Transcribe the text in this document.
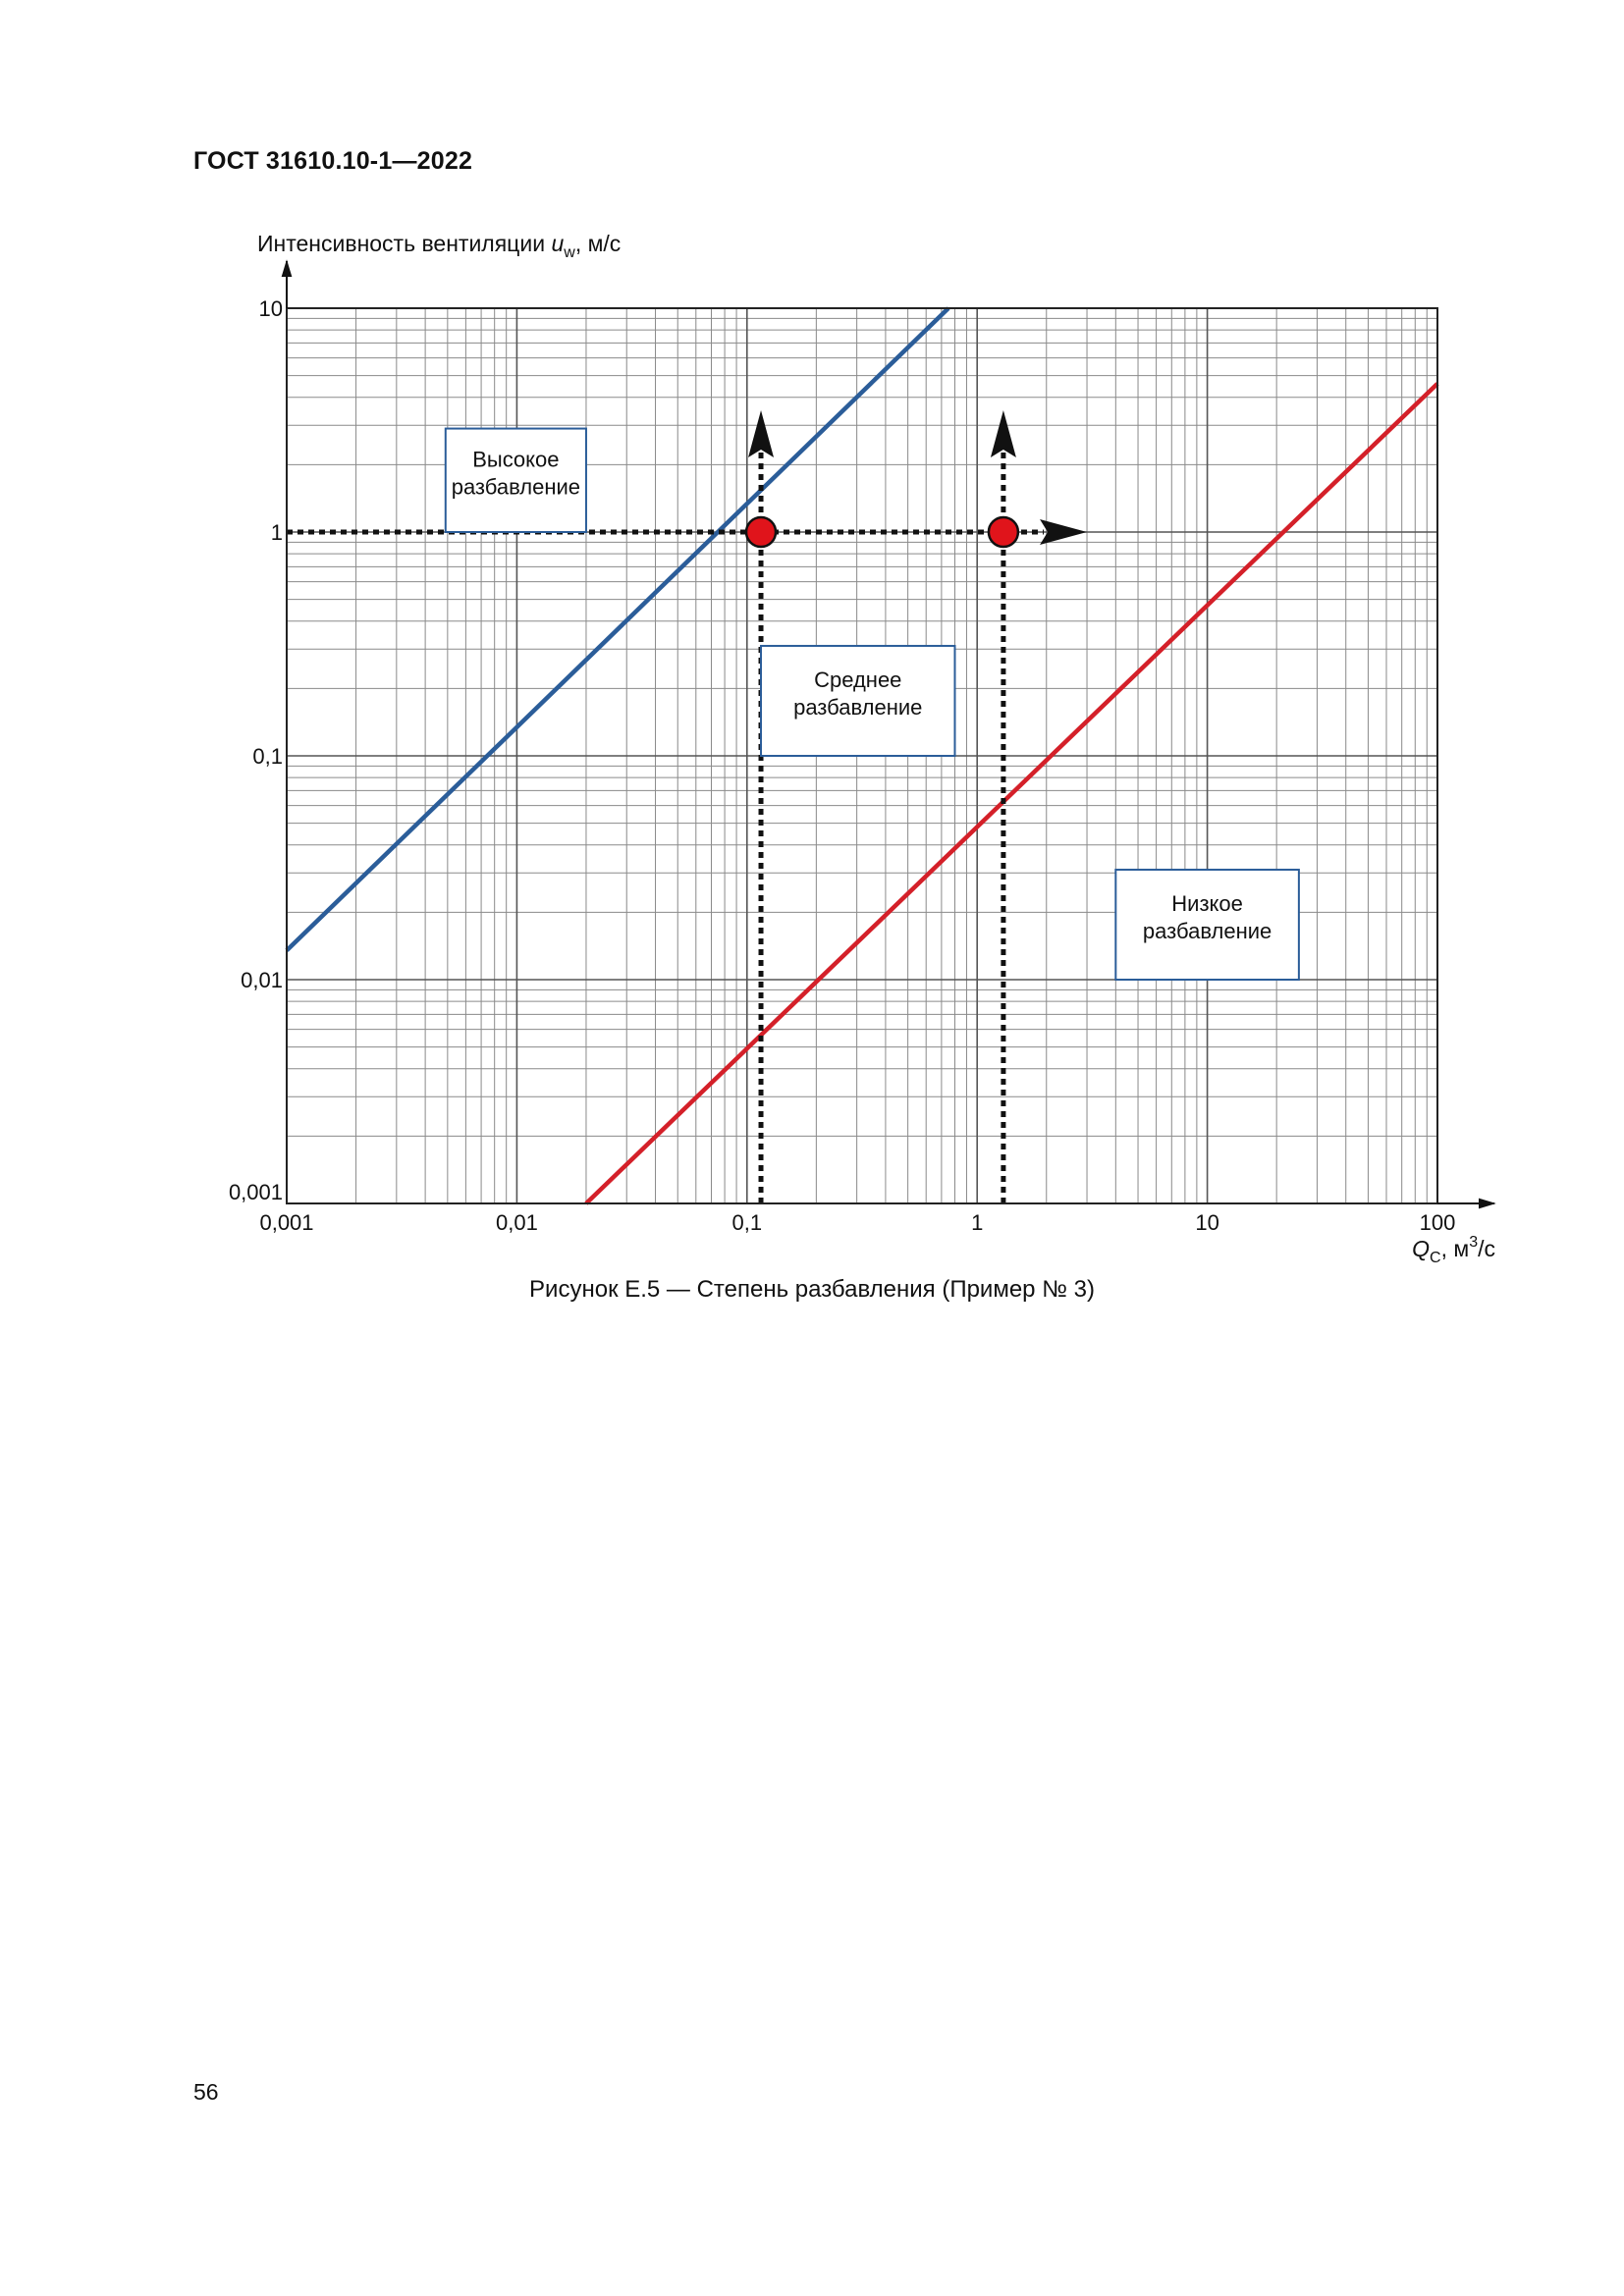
ГОСТ 31610.10-1—2022
Высокое
разбавление
Среднее
разбавление
Низкое
разбавление
0,001	0,01	0,1	1	10	100
0,001
0,01
0,1
1
10
Интенсивность вентиляции $u_w$, м/с
$Q_C$, $м^3/с$
Рисунок Е.5 — Степень разбавления (Пример № 3)
56
